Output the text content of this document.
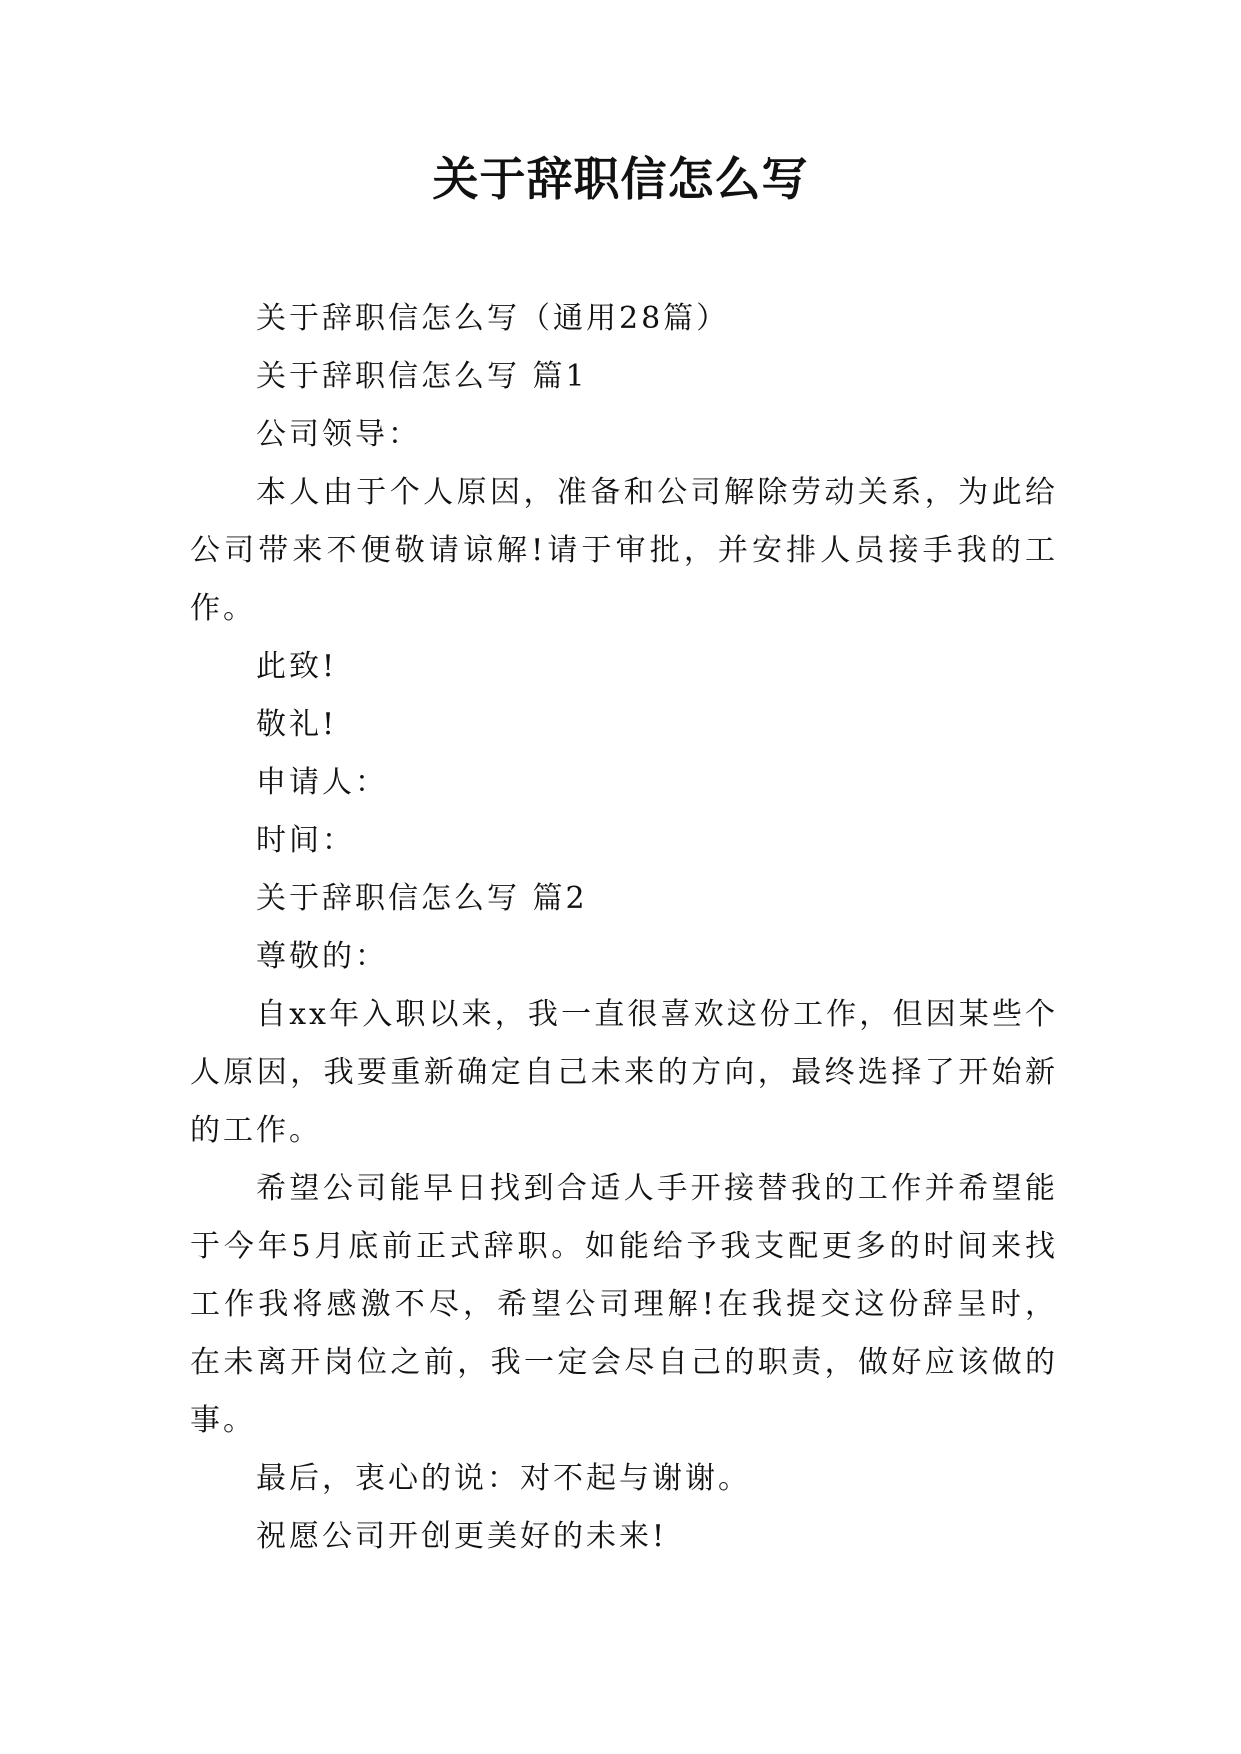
关于辞职信怎么写

关于辞职信怎么写（通用28篇）

关于辞职信怎么写 篇1

公司领导：

本人由于个人原因，准备和公司解除劳动关系，为此给公司带来不便敬请谅解!请于审批，并安排人员接手我的工作。

此致!

敬礼!

申请人：

时间：

关于辞职信怎么写 篇2

尊敬的：

自xx年入职以来，我一直很喜欢这份工作，但因某些个人原因，我要重新确定自己未来的方向，最终选择了开始新的工作。

希望公司能早日找到合适人手开接替我的工作并希望能于今年5月底前正式辞职。如能给予我支配更多的时间来找工作我将感激不尽，希望公司理解!在我提交这份辞呈时，在未离开岗位之前，我一定会尽自己的职责，做好应该做的事。

最后，衷心的说：对不起与谢谢。

祝愿公司开创更美好的未来!
